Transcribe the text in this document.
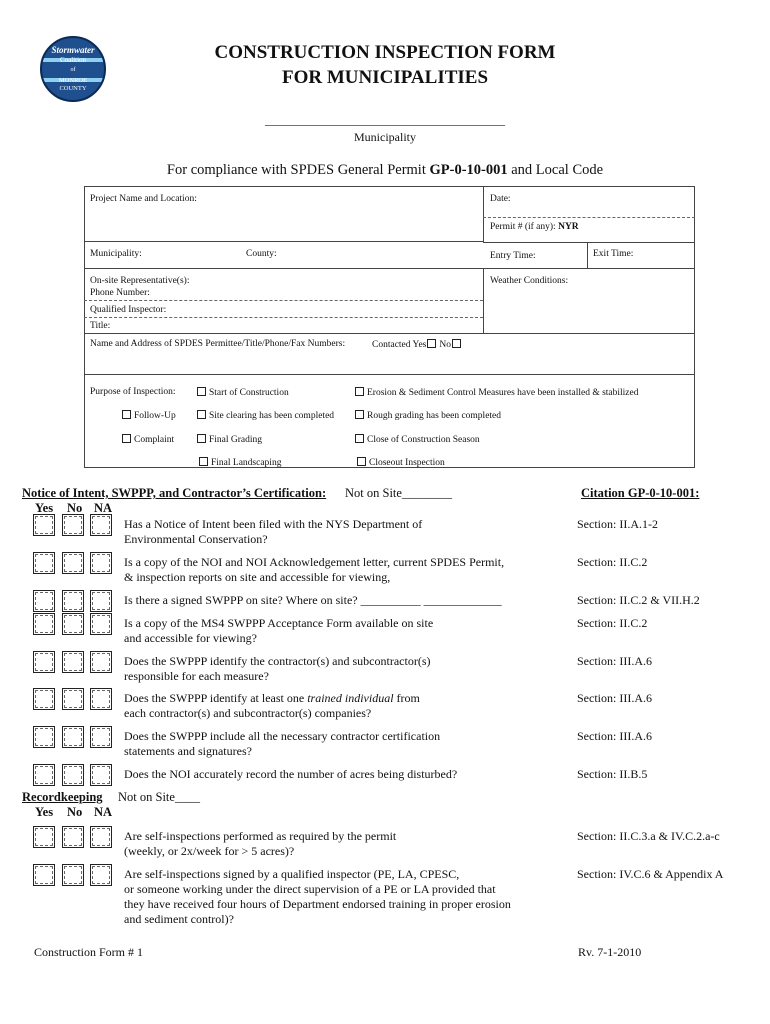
Stormwater
Coalition
of
MONROE
COUNTY
CONSTRUCTION INSPECTION FORM
FOR MUNICIPALITIES
________________________________________
Municipality
For compliance with SPDES General Permit GP-0-10-001 and Local Code
Project Name and Location:	Date:
Permit # (if any): NYR
Municipality:	County:	Entry Time:	Exit Time:
On-site Representative(s):
Phone Number:
Weather Conditions:
Qualified Inspector:
Title:
Name and Address of SPDES Permittee/Title/Phone/Fax Numbers:	Contacted Yes No
Purpose of Inspection:	Start of Construction	Erosion & Sediment Control Measures have been installed & stabilized
Follow-Up	Site clearing has been completed	Rough grading has been completed
Complaint	Final Grading	Close of Construction Season
Final Landscaping	Closeout Inspection
Notice of Intent, SWPPP, and Contractor’s Certification: Not on Site________	Citation GP-0-10-001:
Yes No NA
Has a Notice of Intent been filed with the NYS Department of
Environmental Conservation?
Section: II.A.1-2
Is a copy of the NOI and NOI Acknowledgement letter, current SPDES Permit,
& inspection reports on site and accessible for viewing,
Section: II.C.2
Is there a signed SWPPP on site? Where on site? __________ _____________	Section: II.C.2 & VII.H.2
Is a copy of the MS4 SWPPP Acceptance Form available on site
and accessible for viewing?
Section: II.C.2
Does the SWPPP identify the contractor(s) and subcontractor(s)
responsible for each measure?
Section: III.A.6
Does the SWPPP identify at least one trained individual from
each contractor(s) and subcontractor(s) companies?
Section: III.A.6
Does the SWPPP include all the necessary contractor certification
statements and signatures?
Section: III.A.6
Does the NOI accurately record the number of acres being disturbed?	Section: II.B.5
Recordkeeping Not on Site____
Yes No NA
Are self-inspections performed as required by the permit
(weekly, or 2x/week for > 5 acres)?
Section: II.C.3.a & IV.C.2.a-c
Are self-inspections signed by a qualified inspector (PE, LA, CPESC,
or someone working under the direct supervision of a PE or LA provided that
they have received four hours of Department endorsed training in proper erosion
and sediment control)?
Section: IV.C.6 & Appendix A
Construction Form # 1	Rv. 7-1-2010
